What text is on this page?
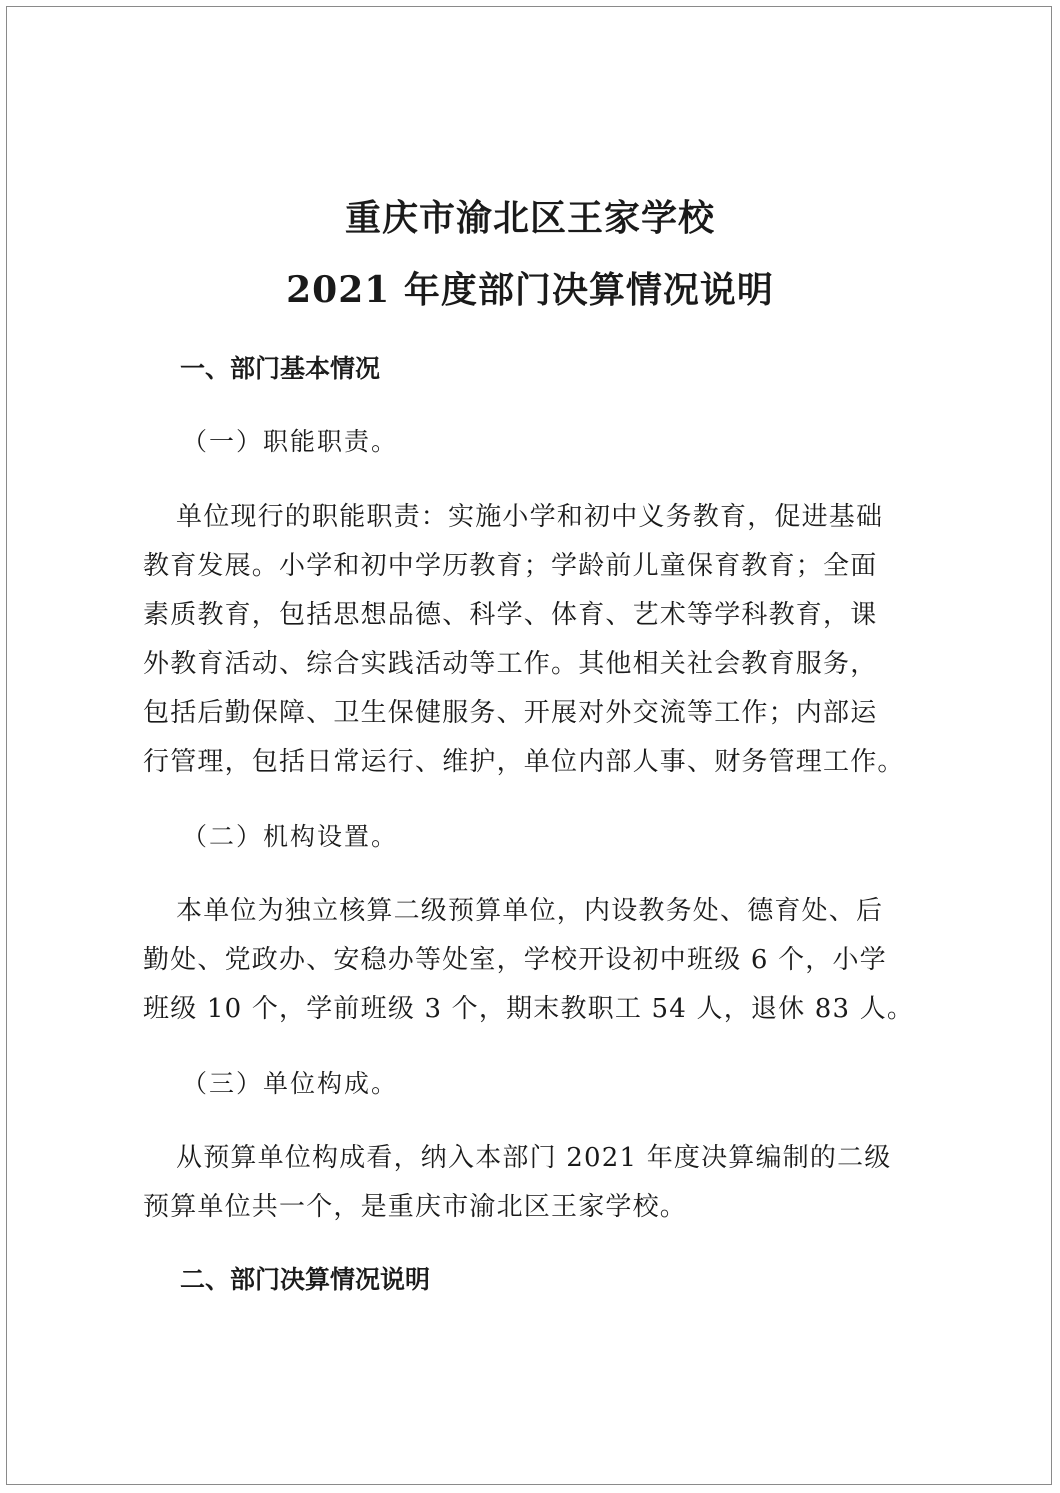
重庆市渝北区王家学校
2021 年度部门决算情况说明
一、部门基本情况
（一）职能职责。
单位现行的职能职责：实施小学和初中义务教育，促进基础
教育发展。小学和初中学历教育；学龄前儿童保育教育；全面
素质教育，包括思想品德、科学、体育、艺术等学科教育，课
外教育活动、综合实践活动等工作。其他相关社会教育服务，
包括后勤保障、卫生保健服务、开展对外交流等工作；内部运
行管理，包括日常运行、维护，单位内部人事、财务管理工作。
（二）机构设置。
本单位为独立核算二级预算单位，内设教务处、德育处、后
勤处、党政办、安稳办等处室，学校开设初中班级 6 个，小学
班级 10 个，学前班级 3 个，期末教职工 54 人，退休 83 人。
（三）单位构成。
从预算单位构成看，纳入本部门 2021 年度决算编制的二级
预算单位共一个，是重庆市渝北区王家学校。
二、部门决算情况说明
